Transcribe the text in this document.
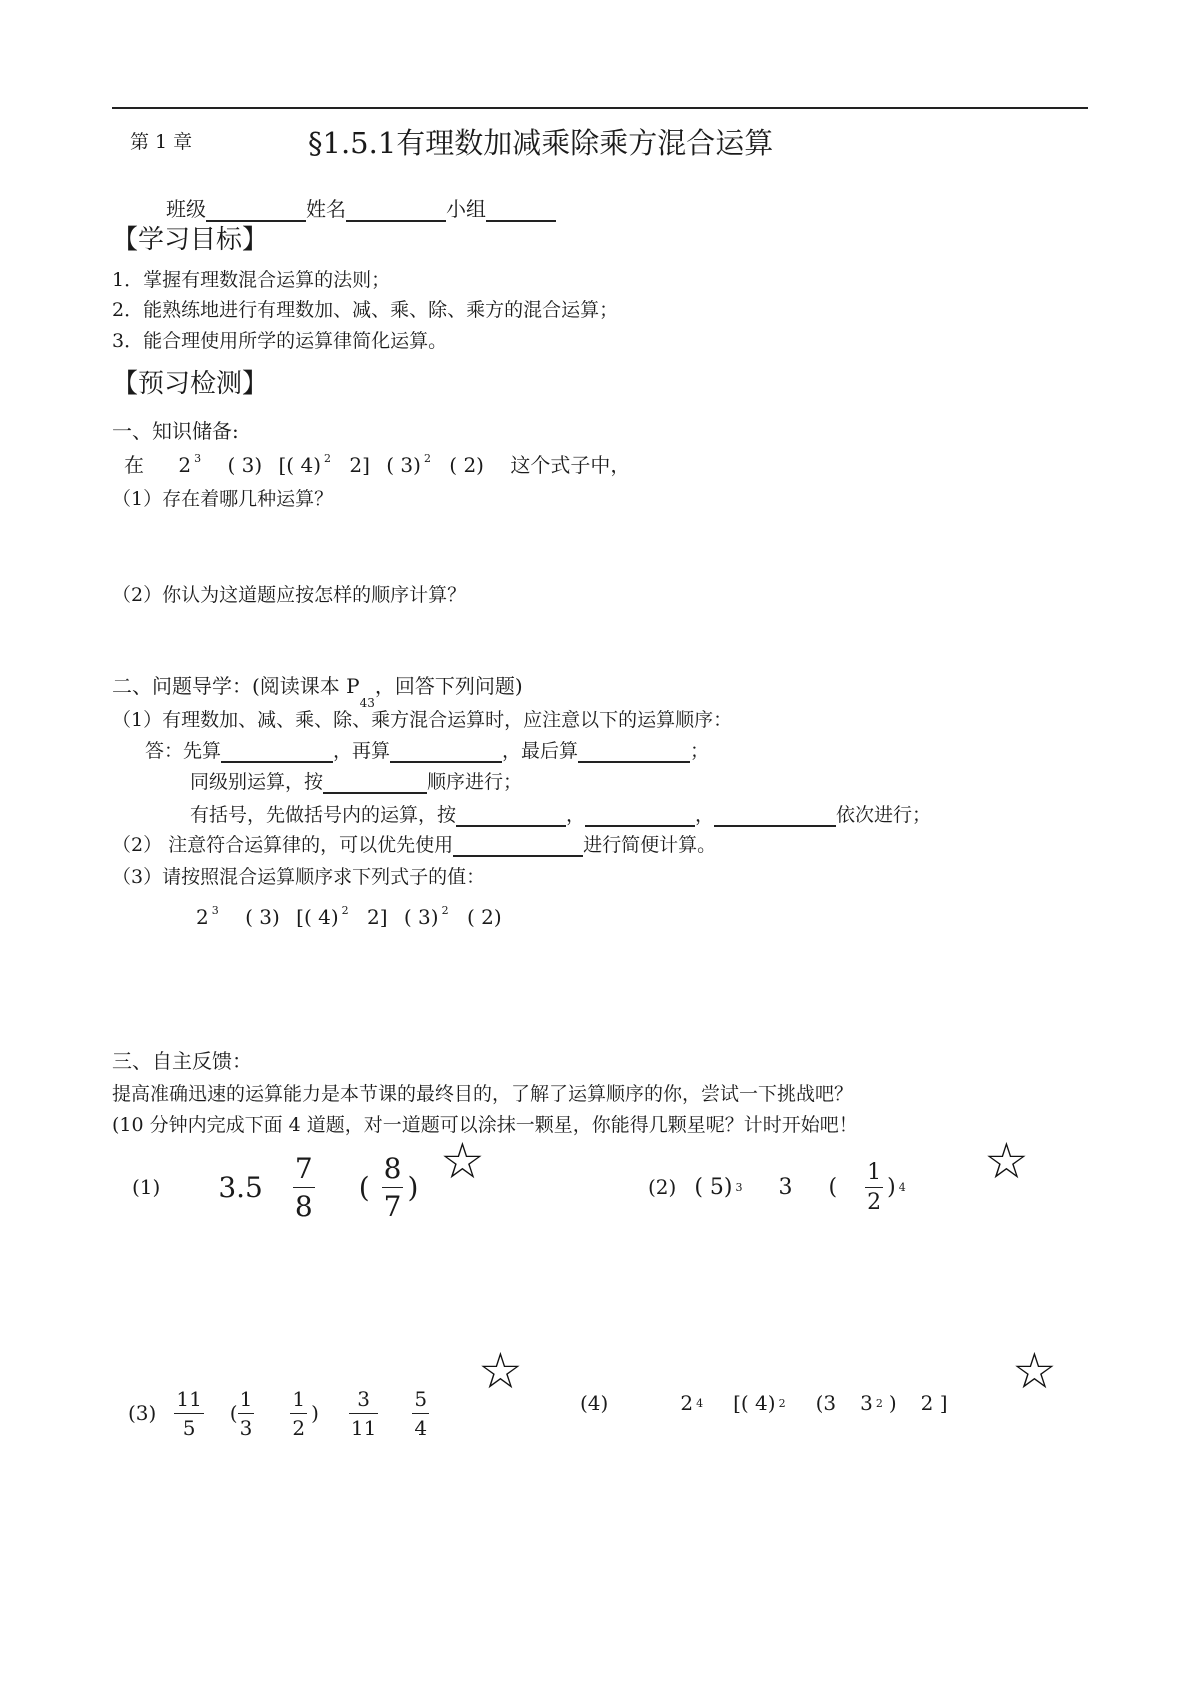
第 1 章	§1.5.1有理数加减乘除乘方混合运算
班级	姓名	小组
【学习目标】
1．掌握有理数混合运算的法则；
2．能熟练地进行有理数加、减、乘、除、乘方的混合运算；
3．能合理使用所学的运算律简化运算。
【预习检测】
一、知识储备:
在 2 $^3$ ( 3) [( 4) $^2$ 2] ( 3) $^2$ ( 2) 这个式子中，
（1）存在着哪几种运算？
（2）你认为这道题应按怎样的顺序计算？
二、问题导学：(阅读课本 $P_{43}$，回答下列问题)
（1）有理数加、减、乘、除、乘方混合运算时，应注意以下的运算顺序：
答：先算	，再算	，最后算	；
同级别运算，按	顺序进行；
有括号，先做括号内的运算，按	，	，	依次进行；
（2） 注意符合运算律的，可以优先使用	进行简便计算。
（3）请按照混合运算顺序求下列式子的值：
2 $^3$ ( 3) [( 4) $^2$ 2] ( 3) $^2$ ( 2)
三、自主反馈：
提高准确迅速的运算能力是本节课的最终目的，了解了运算顺序的你，尝试一下挑战吧？
(10 分钟内完成下面 4 道题，对一道题可以涂抹一颗星，你能得几颗星呢？计时开始吧！
(1) $3.5 \frac{7}{8}$ ( $\frac{8}{7}$ ) ☆	(2) ( 5) 3 3 ( $\frac{1}{2}$ ) 4 ☆
$(3) \frac{11}{5}$ ( $\frac{1}{3} \frac{1}{2}$ ) $\frac{3}{11} \frac{5}{4}$
☆
(4)	2 4 [( 4) 2 (3 3 2 ) 2 ]
☆
